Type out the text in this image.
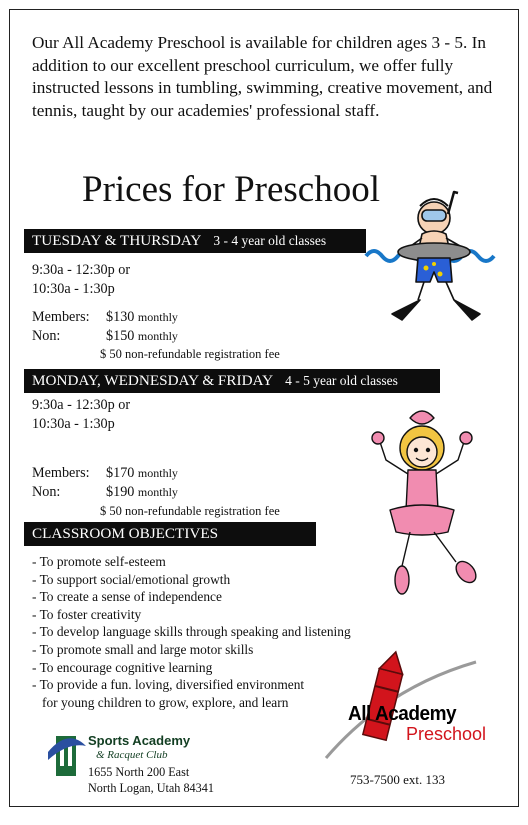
Our All Academy Preschool is available for children ages 3 - 5. In addition to our excellent preschool curriculum, we offer fully instructed lessons in tumbling, swimming, creative movement, and tennis, taught by our academies' professional staff.
Prices for Preschool
TUESDAY & THURSDAY 3 - 4 year old classes
9:30a - 12:30p or
10:30a - 1:30p
Members: $130 monthly
Non:	$150 monthly
$ 50 non-refundable registration fee
MONDAY, WEDNESDAY & FRIDAY 4 - 5 year old classes
9:30a - 12:30p or
10:30a - 1:30p
Members: $170 monthly
Non:	$190 monthly
$ 50 non-refundable registration fee
CLASSROOM OBJECTIVES
- To promote self-esteem
- To support social/emotional growth
- To create a sense of independence
- To foster creativity
- To develop language skills through speaking and listening
- To promote small and large motor skills
- To encourage cognitive learning
- To provide a fun. loving, diversified environment
for young children to grow, explore, and learn
Sports Academy
& Racquet Club
1655 North 200 East
North Logan, Utah 84341
All Academy
Preschool
753-7500 ext. 133
